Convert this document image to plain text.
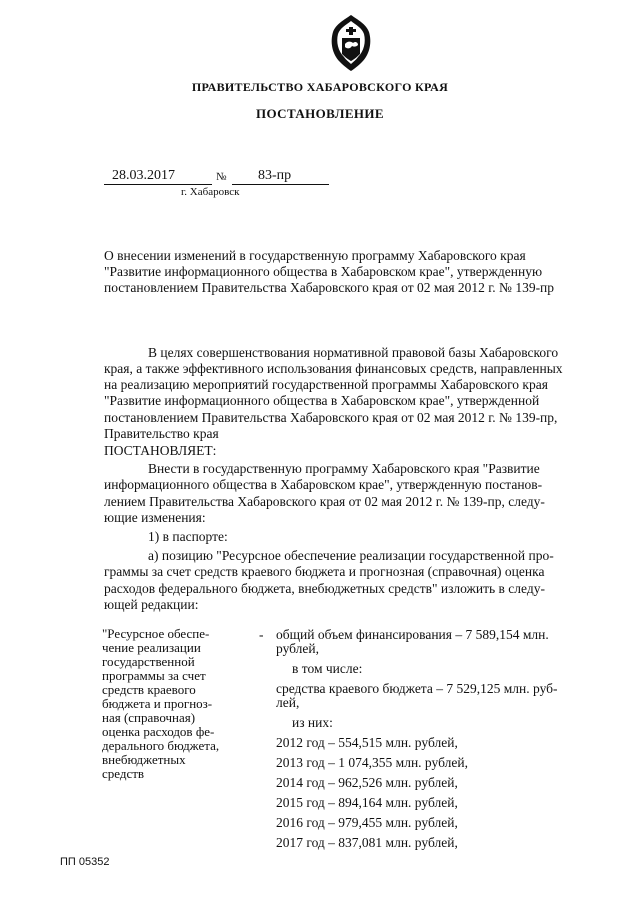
ПРАВИТЕЛЬСТВО ХАБАРОВСКОГО КРАЯ
ПОСТАНОВЛЕНИЕ
28.03.2017	№ 83-пр
г. Хабаровск
О внесении изменений в государственную программу Хабаровского края
"Развитие информационного общества в Хабаровском крае", утвержденную
постановлением Правительства Хабаровского края от 02 мая 2012 г. № 139-пр
В целях совершенствования нормативной правовой базы Хабаровского
края, а также эффективного использования финансовых средств, направленных
на реализацию мероприятий государственной программы Хабаровского края
"Развитие информационного общества в Хабаровском крае", утвержденной
постановлением Правительства Хабаровского края от 02 мая 2012 г. № 139-пр,
Правительство края
ПОСТАНОВЛЯЕТ:
Внести в государственную программу Хабаровского края "Развитие
информационного общества в Хабаровском крае", утвержденную постанов-
лением Правительства Хабаровского края от 02 мая 2012 г. № 139-пр, следу-
ющие изменения:
1) в паспорте:
а) позицию "Ресурсное обеспечение реализации государственной про-
граммы за счет средств краевого бюджета и прогнозная (справочная) оценка
расходов федерального бюджета, внебюджетных средств" изложить в следу-
ющей редакции:
"Ресурсное обеспе-
чение реализации
государственной
программы за счет
средств краевого
бюджета и прогноз-
ная (справочная)
оценка расходов фе-
дерального бюджета,
внебюджетных
средств
- общий объем финансирования – 7 589,154 млн.
рублей,
в том числе:
средства краевого бюджета – 7 529,125 млн. руб-
лей,
из них:
2012 год – 554,515 млн. рублей,
2013 год – 1 074,355 млн. рублей,
2014 год – 962,526 млн. рублей,
2015 год – 894,164 млн. рублей,
2016 год – 979,455 млн. рублей,
2017 год – 837,081 млн. рублей,
ПП 05352
